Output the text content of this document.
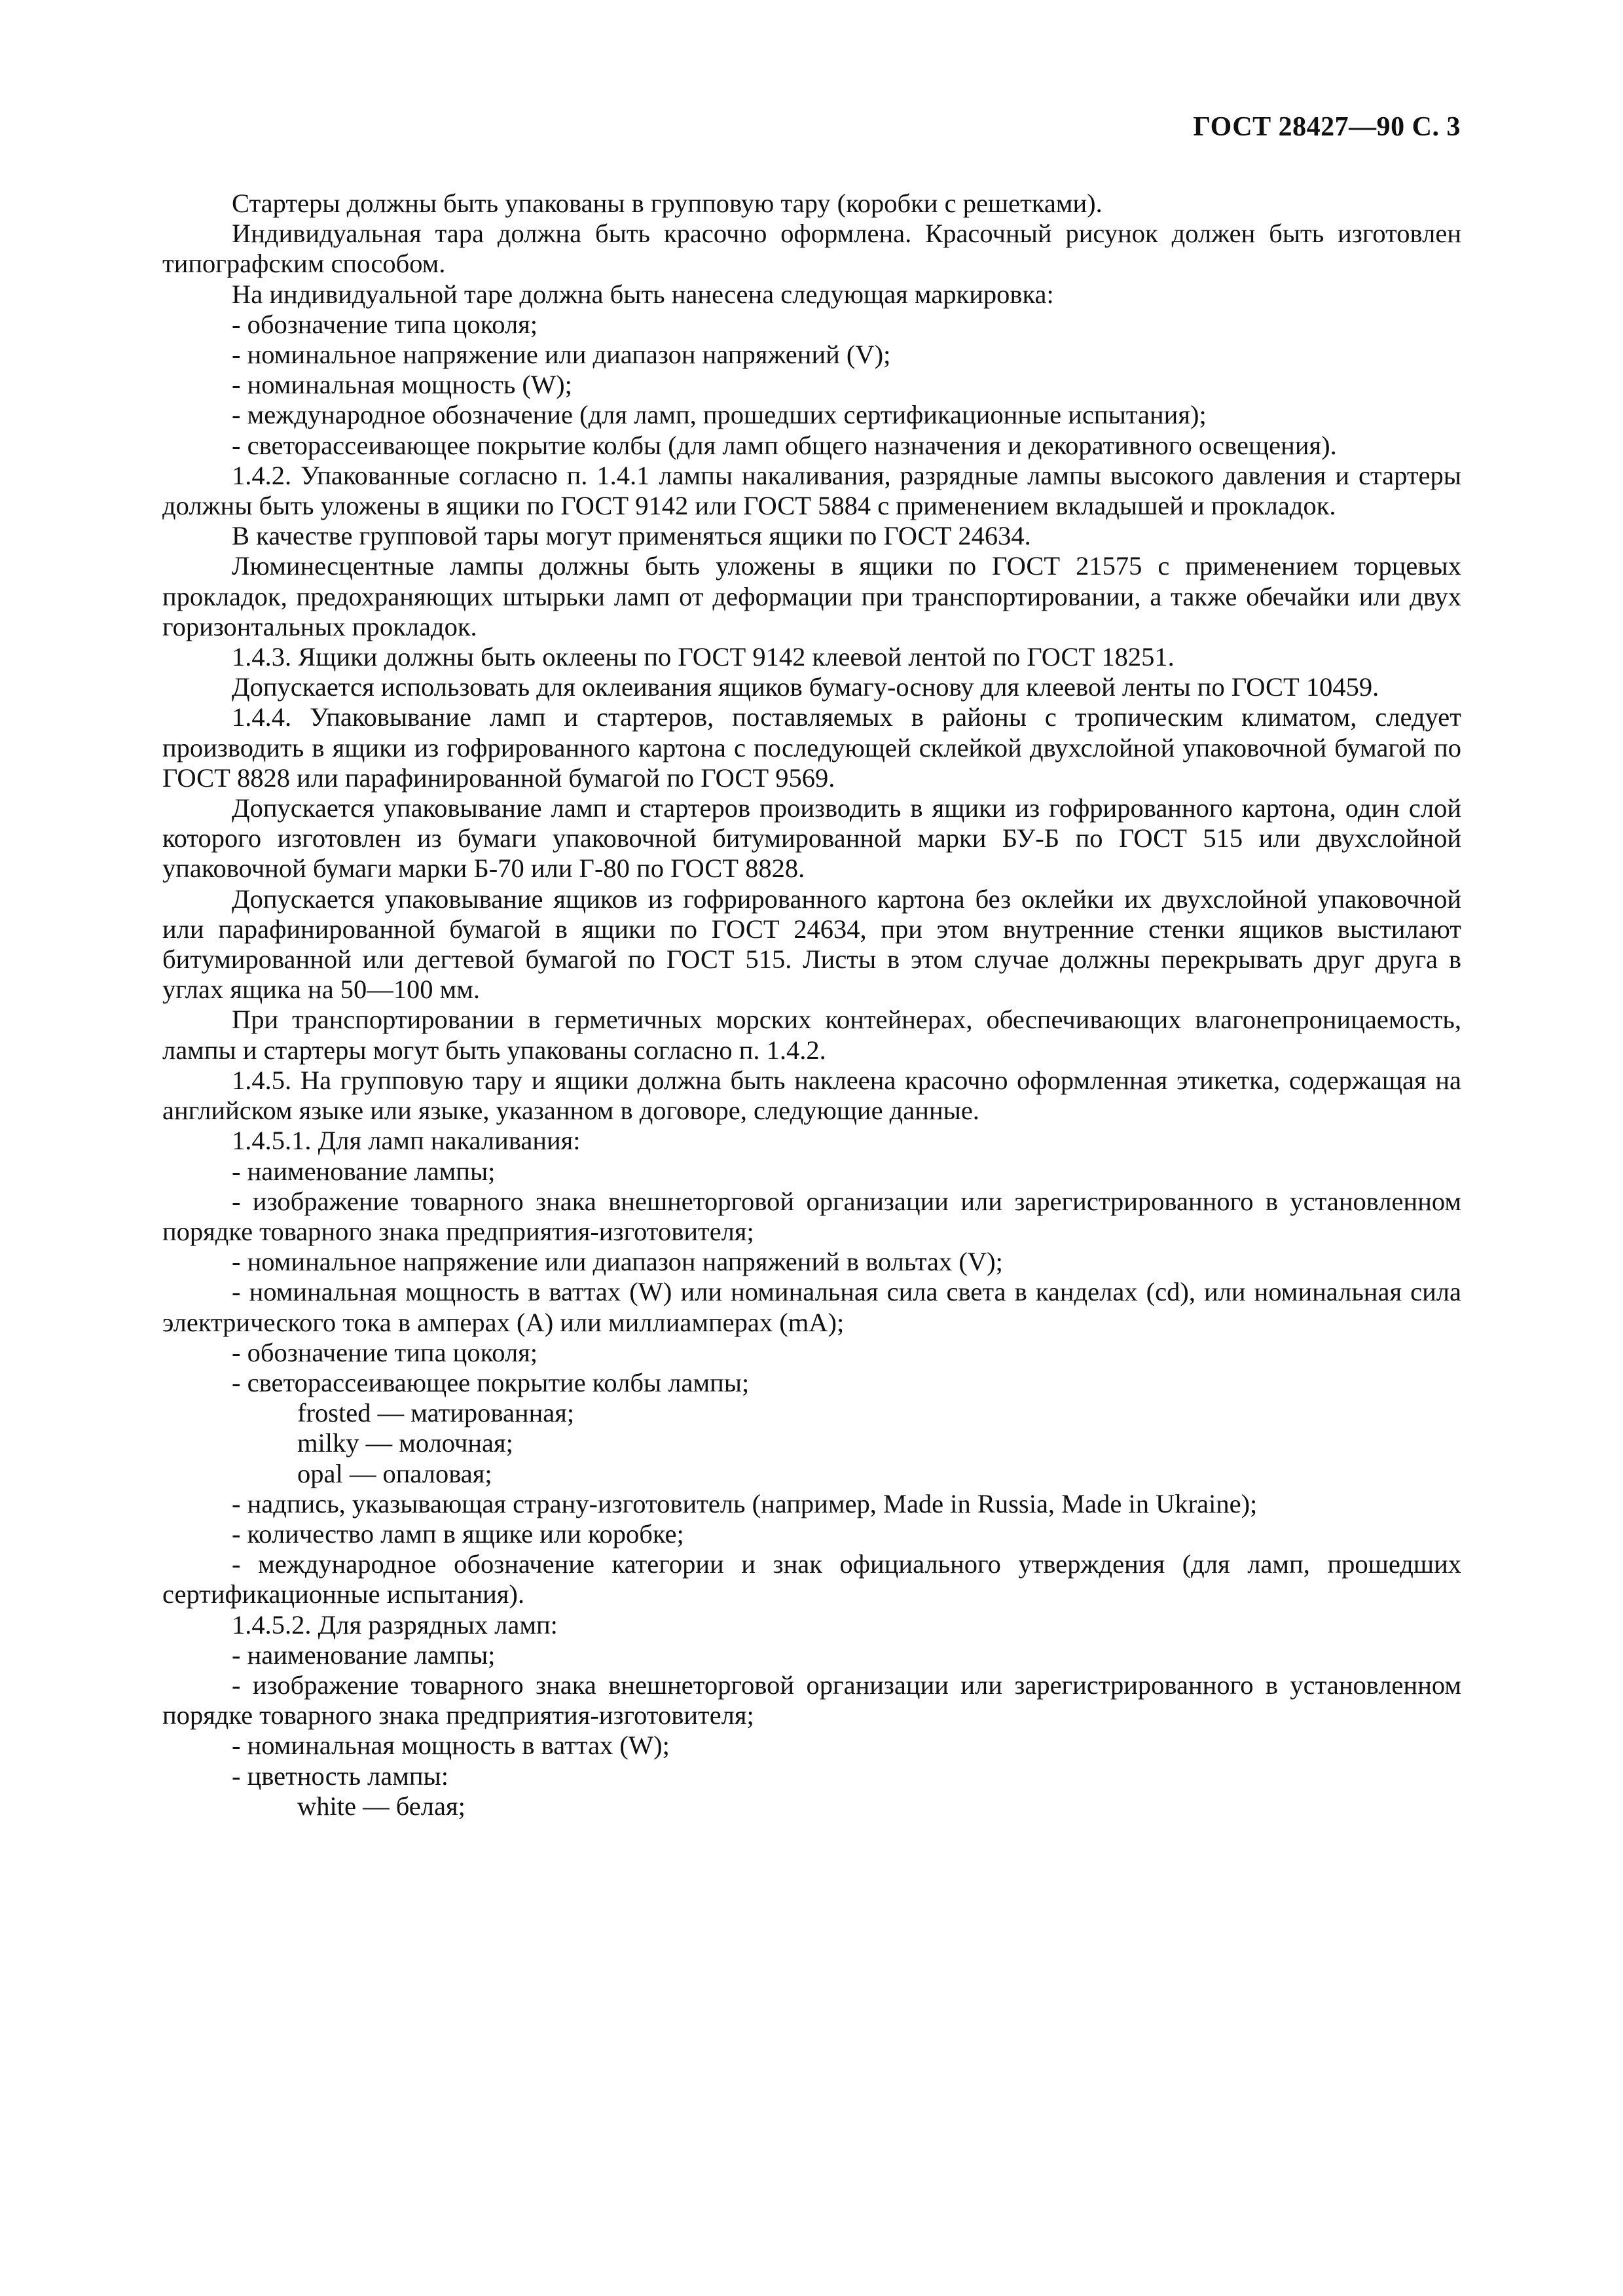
ГОСТ 28427—90 С. 3

Стартеры должны быть упакованы в групповую тару (коробки с решетками).

Индивидуальная тара должна быть красочно оформлена. Красочный рисунок должен быть изготовлен типографским способом.

На индивидуальной таре должна быть нанесена следующая маркировка:

- обозначение типа цоколя;

- номинальное напряжение или диапазон напряжений (V);

- номинальная мощность (W);

- международное обозначение (для ламп, прошедших сертификационные испытания);

- светорассеивающее покрытие колбы (для ламп общего назначения и декоративного освещения).

1.4.2. Упакованные согласно п. 1.4.1 лампы накаливания, разрядные лампы высокого давления и стартеры должны быть уложены в ящики по ГОСТ 9142 или ГОСТ 5884 с применением вкладышей и прокладок.

В качестве групповой тары могут применяться ящики по ГОСТ 24634.

Люминесцентные лампы должны быть уложены в ящики по ГОСТ 21575 с применением торцевых прокладок, предохраняющих штырьки ламп от деформации при транспортировании, а также обечайки или двух горизонтальных прокладок.

1.4.3. Ящики должны быть оклеены по ГОСТ 9142 клеевой лентой по ГОСТ 18251.

Допускается использовать для оклеивания ящиков бумагу-основу для клеевой ленты по ГОСТ 10459.

1.4.4. Упаковывание ламп и стартеров, поставляемых в районы с тропическим климатом, следует производить в ящики из гофрированного картона с последующей склейкой двухслойной упаковочной бумагой по ГОСТ 8828 или парафинированной бумагой по ГОСТ 9569.

Допускается упаковывание ламп и стартеров производить в ящики из гофрированного картона, один слой которого изготовлен из бумаги упаковочной битумированной марки БУ-Б по ГОСТ 515 или двухслойной упаковочной бумаги марки Б-70 или Г-80 по ГОСТ 8828.

Допускается упаковывание ящиков из гофрированного картона без оклейки их двухслойной упаковочной или парафинированной бумагой в ящики по ГОСТ 24634, при этом внутренние стенки ящиков выстилают битумированной или дегтевой бумагой по ГОСТ 515. Листы в этом случае должны перекрывать друг друга в углах ящика на 50—100 мм.

При транспортировании в герметичных морских контейнерах, обеспечивающих влагонепроницаемость, лампы и стартеры могут быть упакованы согласно п. 1.4.2.

1.4.5. На групповую тару и ящики должна быть наклеена красочно оформленная этикетка, содержащая на английском языке или языке, указанном в договоре, следующие данные.

1.4.5.1. Для ламп накаливания:

- наименование лампы;

- изображение товарного знака внешнеторговой организации или зарегистрированного в установленном порядке товарного знака предприятия-изготовителя;

- номинальное напряжение или диапазон напряжений в вольтах (V);

- номинальная мощность в ваттах (W) или номинальная сила света в канделах (cd), или номинальная сила электрического тока в амперах (A) или миллиамперах (mA);

- обозначение типа цоколя;

- светорассеивающее покрытие колбы лампы;

frosted — матированная;

milky — молочная;

opal — опаловая;

- надпись, указывающая страну-изготовитель (например, Made in Russia, Made in Ukraine);

- количество ламп в ящике или коробке;

- международное обозначение категории и знак официального утверждения (для ламп, прошедших сертификационные испытания).

1.4.5.2. Для разрядных ламп:

- наименование лампы;

- изображение товарного знака внешнеторговой организации или зарегистрированного в установленном порядке товарного знака предприятия-изготовителя;

- номинальная мощность в ваттах (W);

- цветность лампы:

white — белая;
